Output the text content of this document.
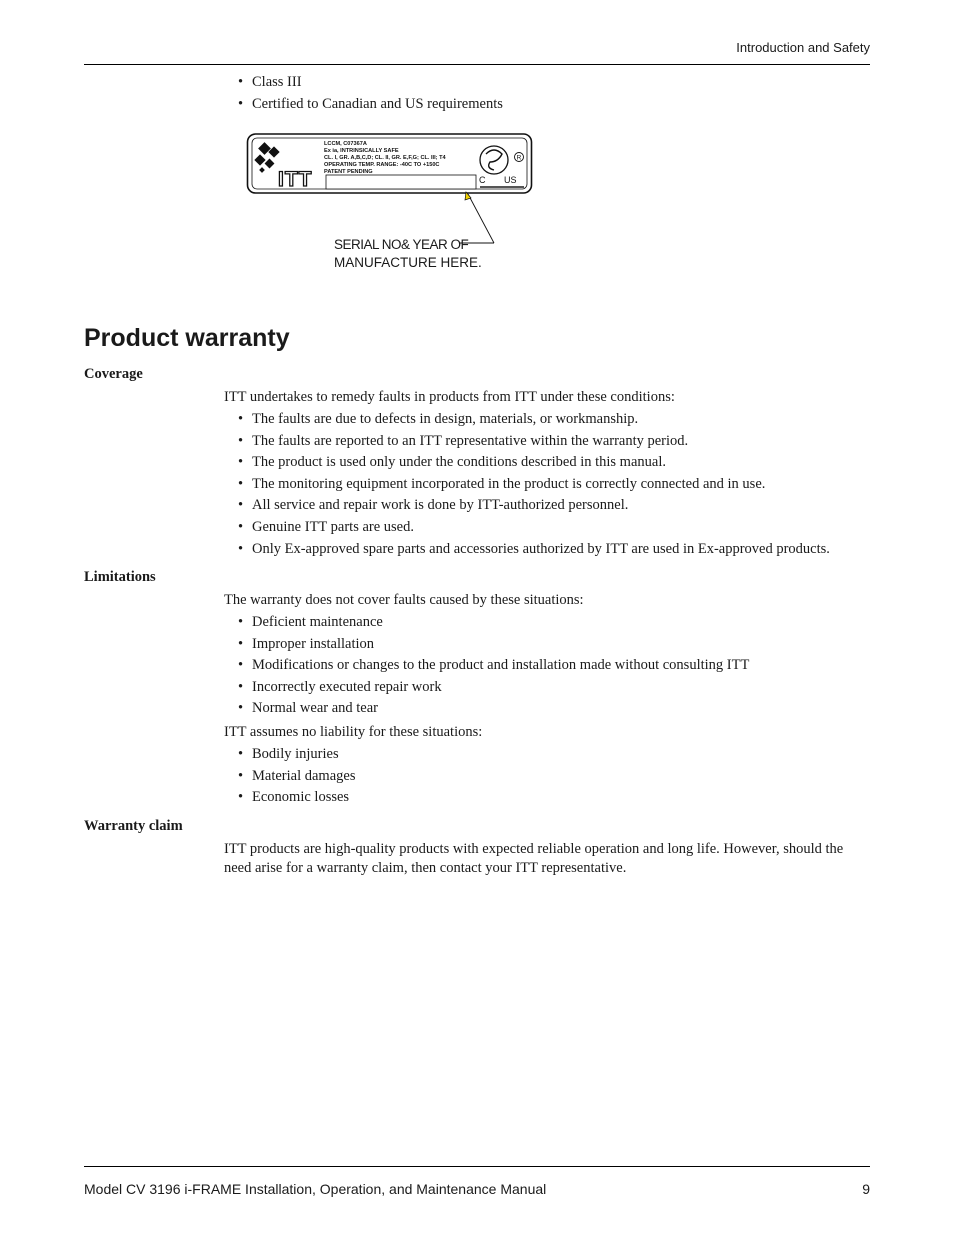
Introduction and Safety
• Class III
• Certified to Canadian and US requirements
ITT
LCCM, C07367A
Ex ia, INTRINSICALLY SAFE
CL. I, GR. A,B,C,D; CL. II, GR. E,F,G; CL. III; T4
OPERATING TEMP. RANGE: -40C TO +150C
PATENT PENDING
R
C US
SERIAL NO& YEAR OF
MANUFACTURE HERE.
Product warranty
Coverage
ITT undertakes to remedy faults in products from ITT under these conditions:
• The faults are due to defects in design, materials, or workmanship.
• The faults are reported to an ITT representative within the warranty period.
• The product is used only under the conditions described in this manual.
• The monitoring equipment incorporated in the product is correctly connected and in use.
• All service and repair work is done by ITT-authorized personnel.
• Genuine ITT parts are used.
• Only Ex-approved spare parts and accessories authorized by ITT are used in Ex-approved products.
Limitations
The warranty does not cover faults caused by these situations:
• Deficient maintenance
• Improper installation
• Modifications or changes to the product and installation made without consulting ITT
• Incorrectly executed repair work
• Normal wear and tear
ITT assumes no liability for these situations:
• Bodily injuries
• Material damages
• Economic losses
Warranty claim
ITT products are high-quality products with expected reliable operation and long life. However, should the
need arise for a warranty claim, then contact your ITT representative.
Model CV 3196 i-FRAME Installation, Operation, and Maintenance Manual	9
